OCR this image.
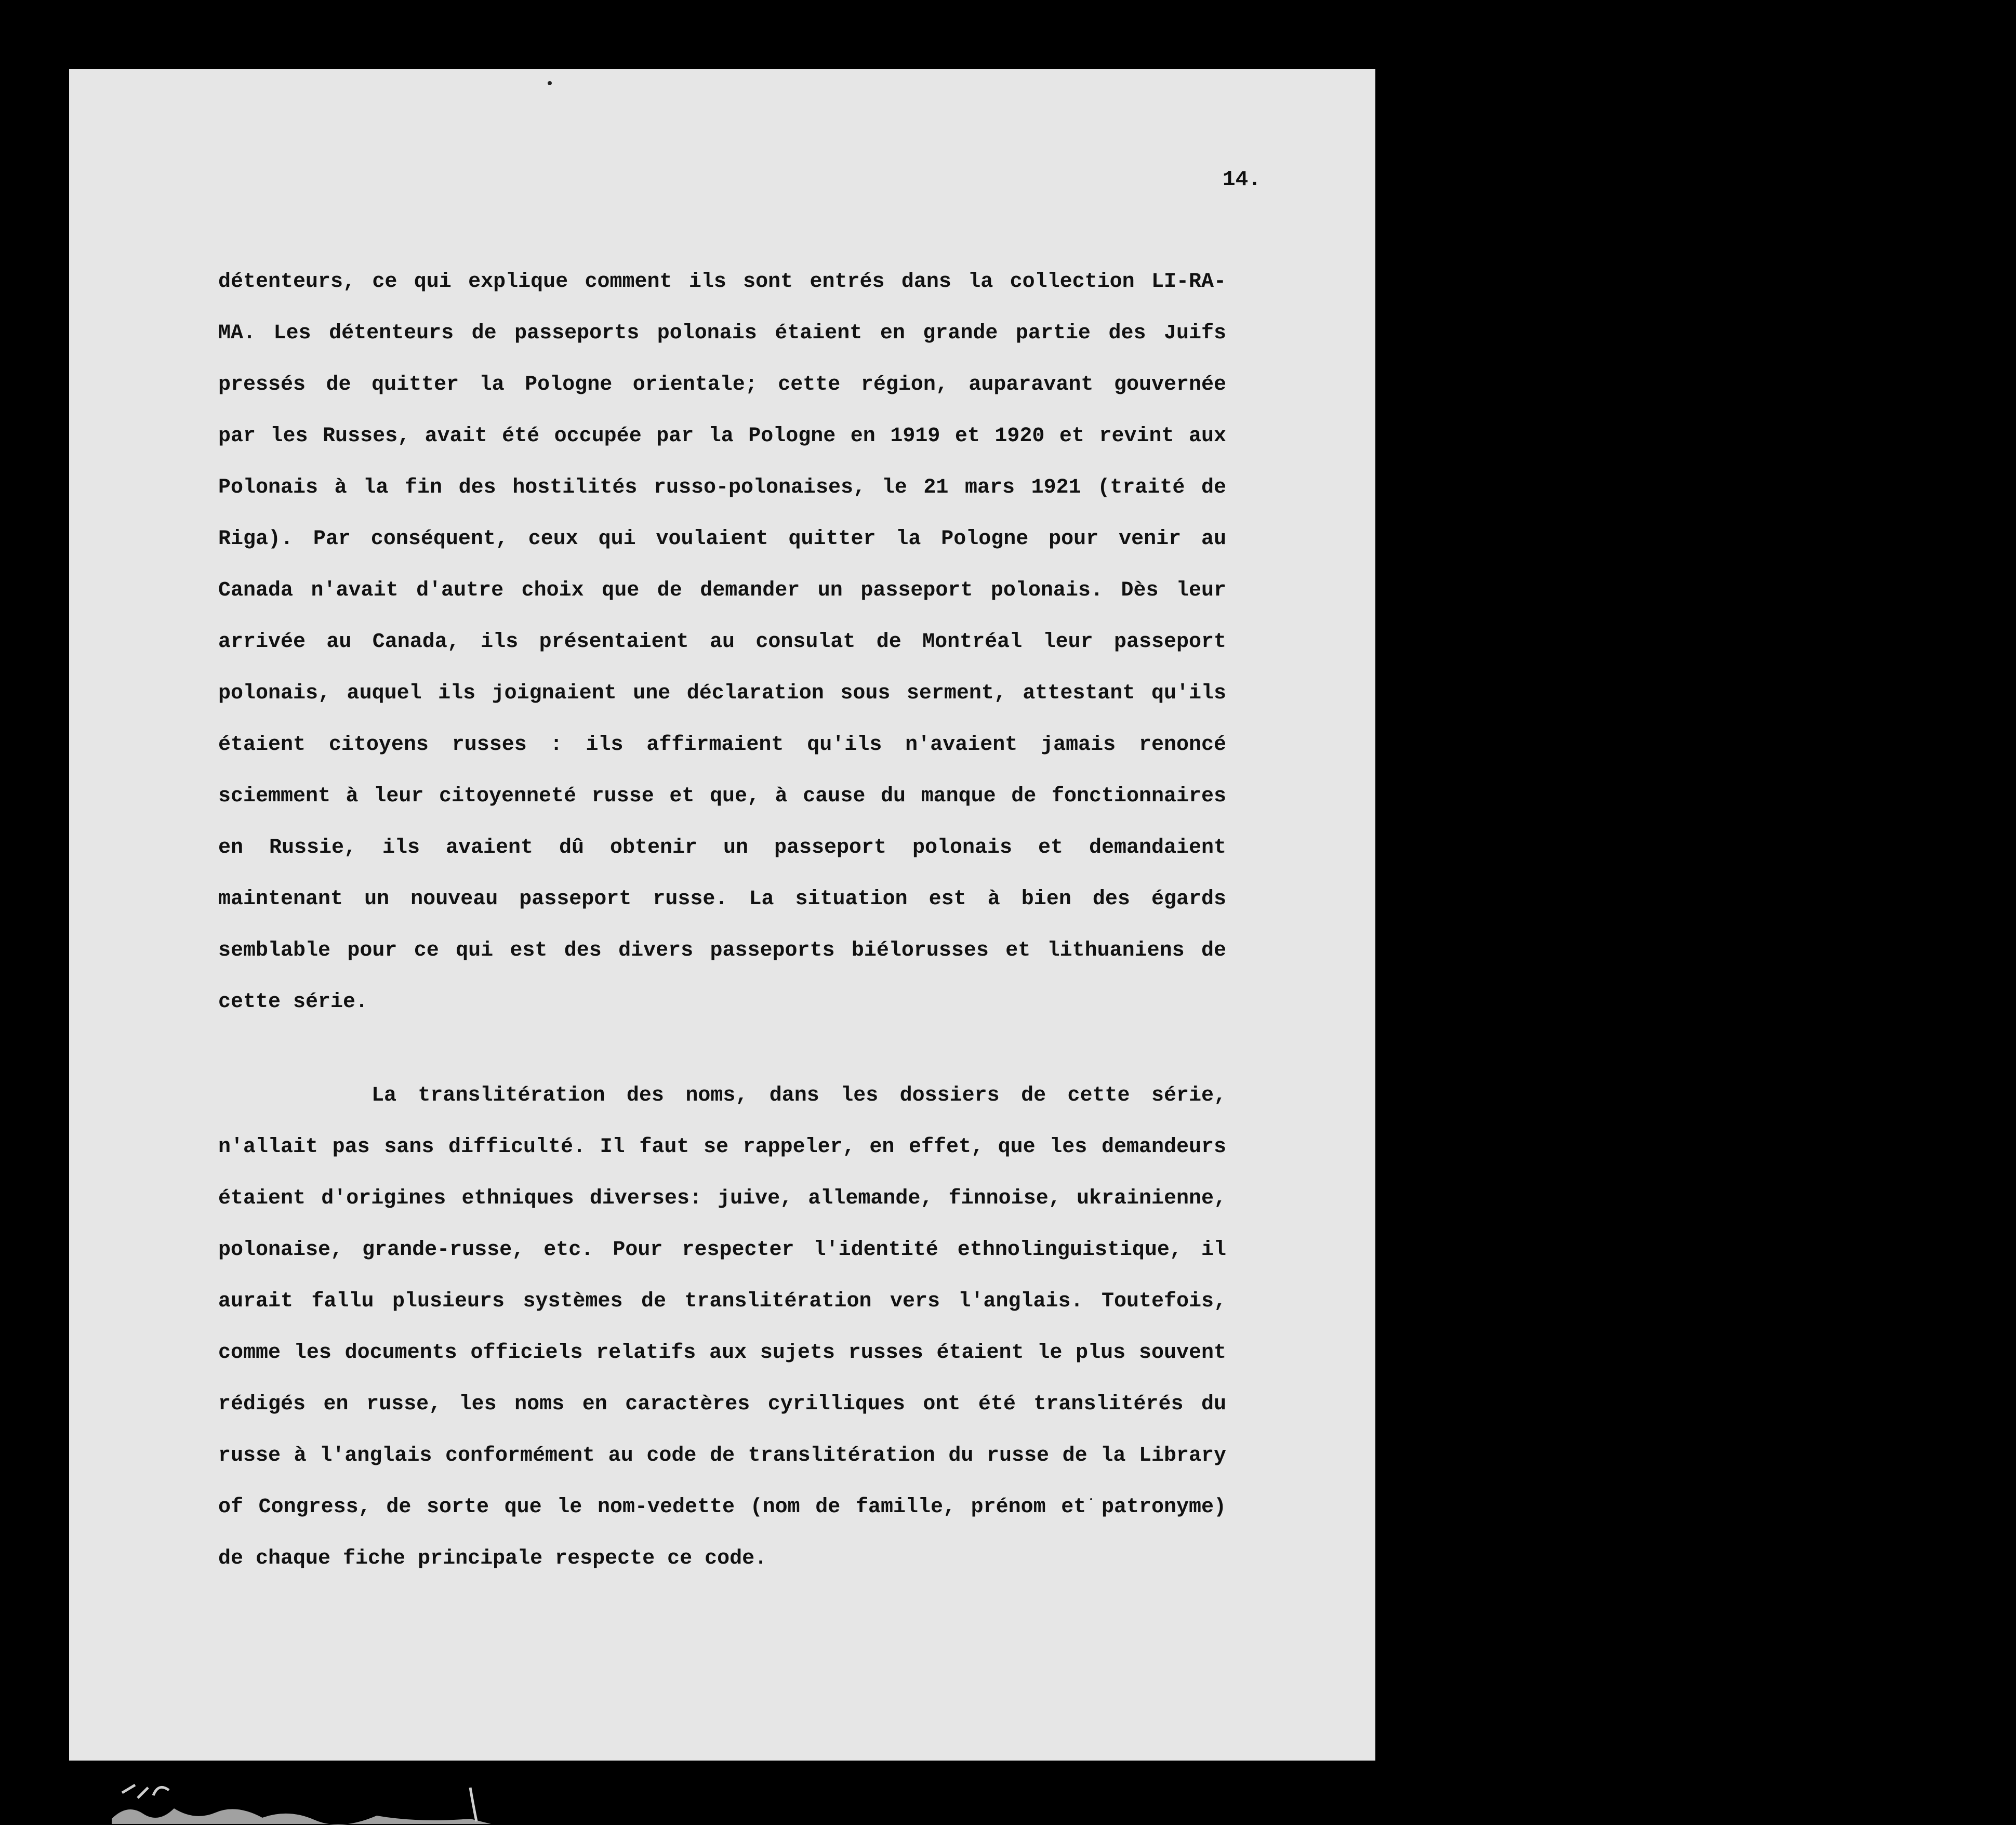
14.
détenteurs, ce qui explique comment ils sont entrés dans la collection LI-RA-
MA. Les détenteurs de passeports polonais étaient en grande partie des Juifs
pressés de quitter la Pologne orientale; cette région, auparavant gouvernée
par les Russes, avait été occupée par la Pologne en 1919 et 1920 et revint aux
Polonais à la fin des hostilités russo-polonaises, le 21 mars 1921 (traité de
Riga). Par conséquent, ceux qui voulaient quitter la Pologne pour venir au
Canada n'avait d'autre choix que de demander un passeport polonais. Dès leur
arrivée au Canada, ils présentaient au consulat de Montréal leur passeport
polonais, auquel ils joignaient une déclaration sous serment, attestant qu'ils
étaient citoyens russes : ils affirmaient qu'ils n'avaient jamais renoncé
sciemment à leur citoyenneté russe et que, à cause du manque de fonctionnaires
en Russie, ils avaient dû obtenir un passeport polonais et demandaient
maintenant un nouveau passeport russe. La situation est à bien des égards
semblable pour ce qui est des divers passeports biélorusses et lithuaniens de
cette série.
La translitération des noms, dans les dossiers de cette série,
n'allait pas sans difficulté. Il faut se rappeler, en effet, que les demandeurs
étaient d'origines ethniques diverses: juive, allemande, finnoise, ukrainienne,
polonaise, grande-russe, etc. Pour respecter l'identité ethnolinguistique, il
aurait fallu plusieurs systèmes de translitération vers l'anglais. Toutefois,
comme les documents officiels relatifs aux sujets russes étaient le plus souvent
rédigés en russe, les noms en caractères cyrilliques ont été translitérés du
russe à l'anglais conformément au code de translitération du russe de la Library
of Congress, de sorte que le nom-vedette (nom de famille, prénom et patronyme)
de chaque fiche principale respecte ce code.
